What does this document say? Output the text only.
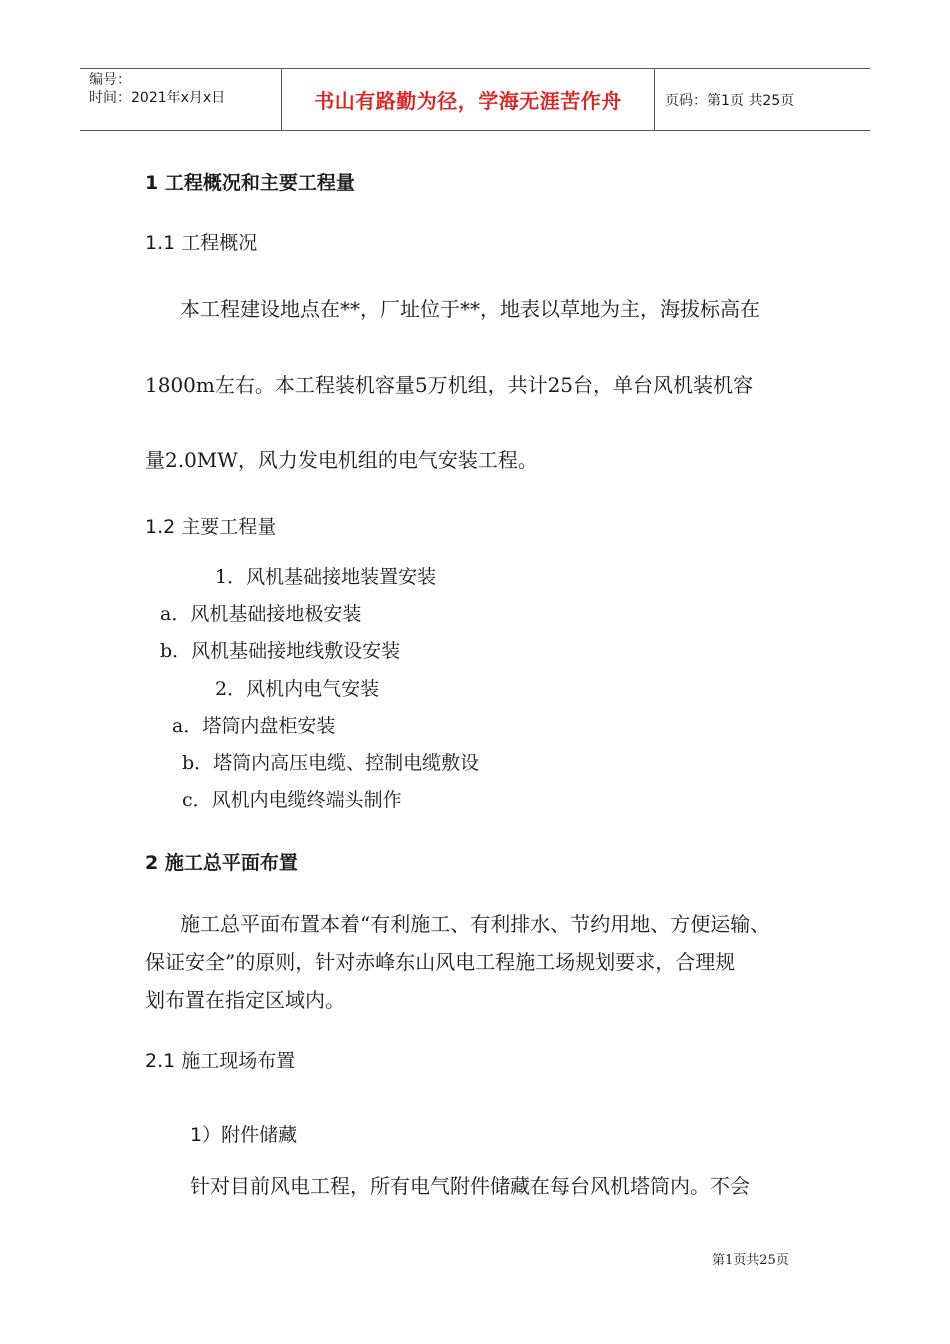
编号：
时间：2021年x月x日	书山有路勤为径，学海无涯苦作舟	页码：第1页 共25页
1 工程概况和主要工程量
1.1 工程概况
本工程建设地点在**，厂址位于**，地表以草地为主，海拔标高在
1800m左右。本工程装机容量5万机组，共计25台，单台风机装机容
量2.0MW，风力发电机组的电气安装工程。
1.2 主要工程量
1．风机基础接地装置安装
a．风机基础接地极安装
b．风机基础接地线敷设安装
2．风机内电气安装
a．塔筒内盘柜安装
b．塔筒内高压电缆、控制电缆敷设
c．风机内电缆终端头制作
2 施工总平面布置
施工总平面布置本着“有利施工、有利排水、节约用地、方便运输、
保证安全”的原则，针对赤峰东山风电工程施工场规划要求，合理规
划布置在指定区域内。
2.1 施工现场布置
1）附件储藏
针对目前风电工程，所有电气附件储藏在每台风机塔筒内。不会
第1页共25页
